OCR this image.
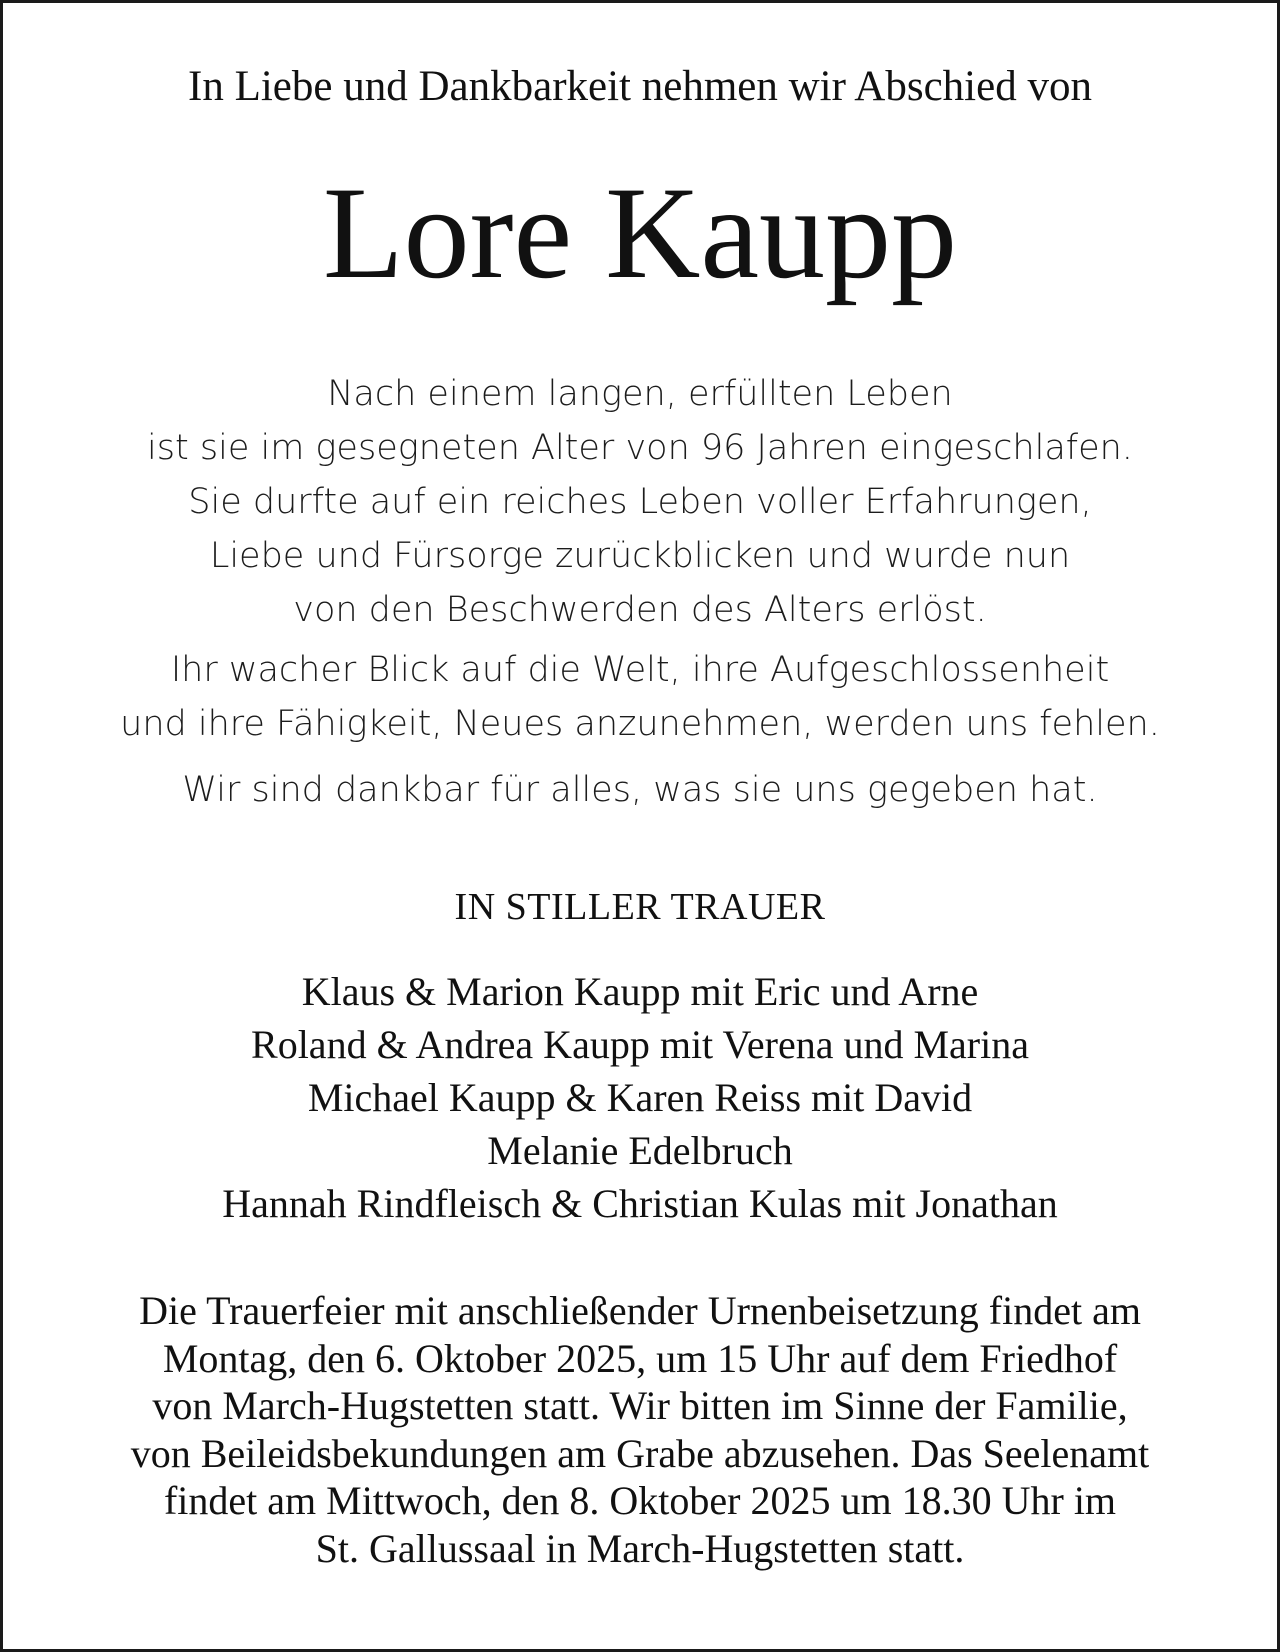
In Liebe und Dankbarkeit nehmen wir Abschied von
Lore Kaupp
Nach einem langen, erfüllten Leben
ist sie im gesegneten Alter von 96 Jahren eingeschlafen.
Sie durfte auf ein reiches Leben voller Erfahrungen,
Liebe und Fürsorge zurückblicken und wurde nun
von den Beschwerden des Alters erlöst.
Ihr wacher Blick auf die Welt, ihre Aufgeschlossenheit
und ihre Fähigkeit, Neues anzunehmen, werden uns fehlen.
Wir sind dankbar für alles, was sie uns gegeben hat.
IN STILLER TRAUER
Klaus & Marion Kaupp mit Eric und Arne
Roland & Andrea Kaupp mit Verena und Marina
Michael Kaupp & Karen Reiss mit David
Melanie Edelbruch
Hannah Rindfleisch & Christian Kulas mit Jonathan
Die Trauerfeier mit anschließender Urnenbeisetzung findet am
Montag, den 6. Oktober 2025, um 15 Uhr auf dem Friedhof
von March-Hugstetten statt. Wir bitten im Sinne der Familie,
von Beileidsbekundungen am Grabe abzusehen. Das Seelenamt
findet am Mittwoch, den 8. Oktober 2025 um 18.30 Uhr im
St. Gallussaal in March-Hugstetten statt.
